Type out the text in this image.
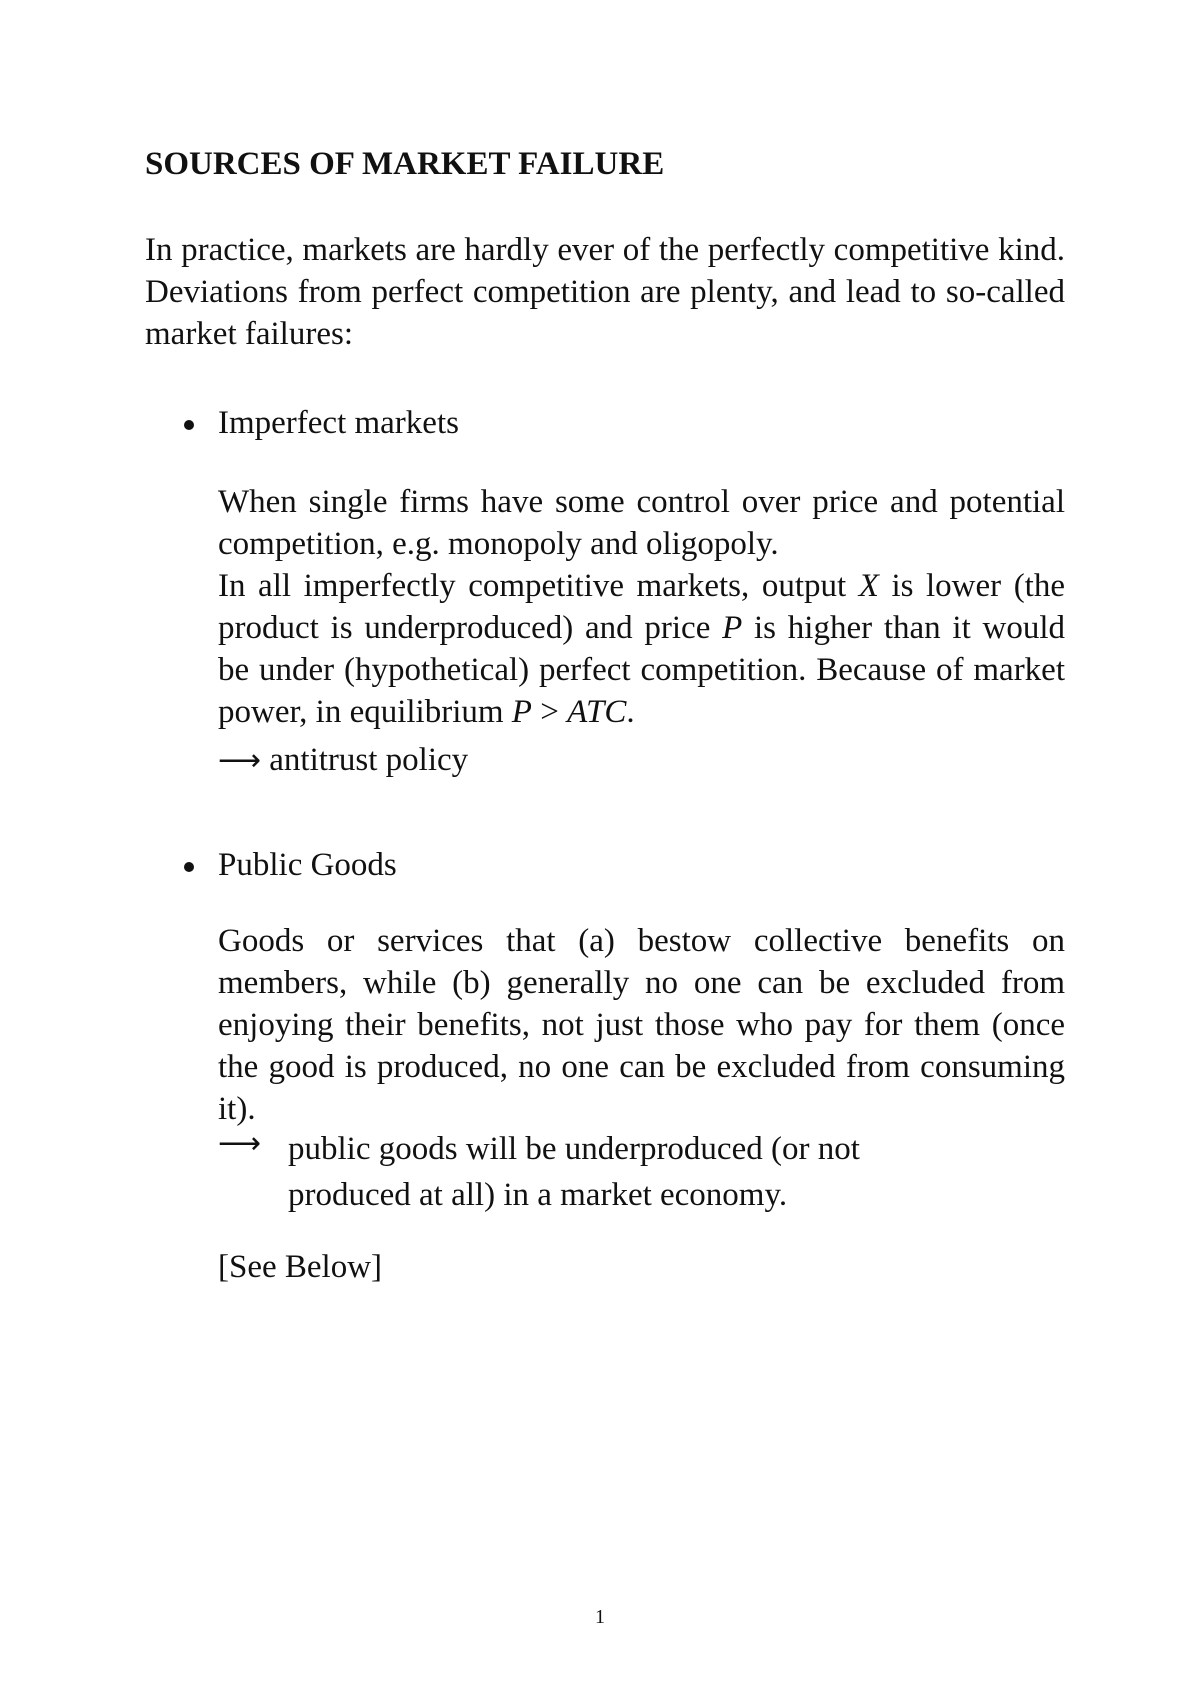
SOURCES OF MARKET FAILURE

In practice, markets are hardly ever of the perfectly competitive kind. Deviations from perfect competition are plenty, and lead to so-called market failures:

Imperfect markets

When single firms have some control over price and potential competition, e.g. monopoly and oligopoly.

In all imperfectly competitive markets, output X is lower (the product is underproduced) and price P is higher than it would be under (hypothetical) perfect competition. Because of market power, in equilibrium P > ATC.

⟶ antitrust policy
Public Goods

Goods or services that (a) bestow collective benefits on members, while (b) generally no one can be excluded from enjoying their benefits, not just those who pay for them (once the good is produced, no one can be excluded from consuming it).

⟶ public goods will be underproduced (or not
produced at all) in a market economy.
[See Below]
1
